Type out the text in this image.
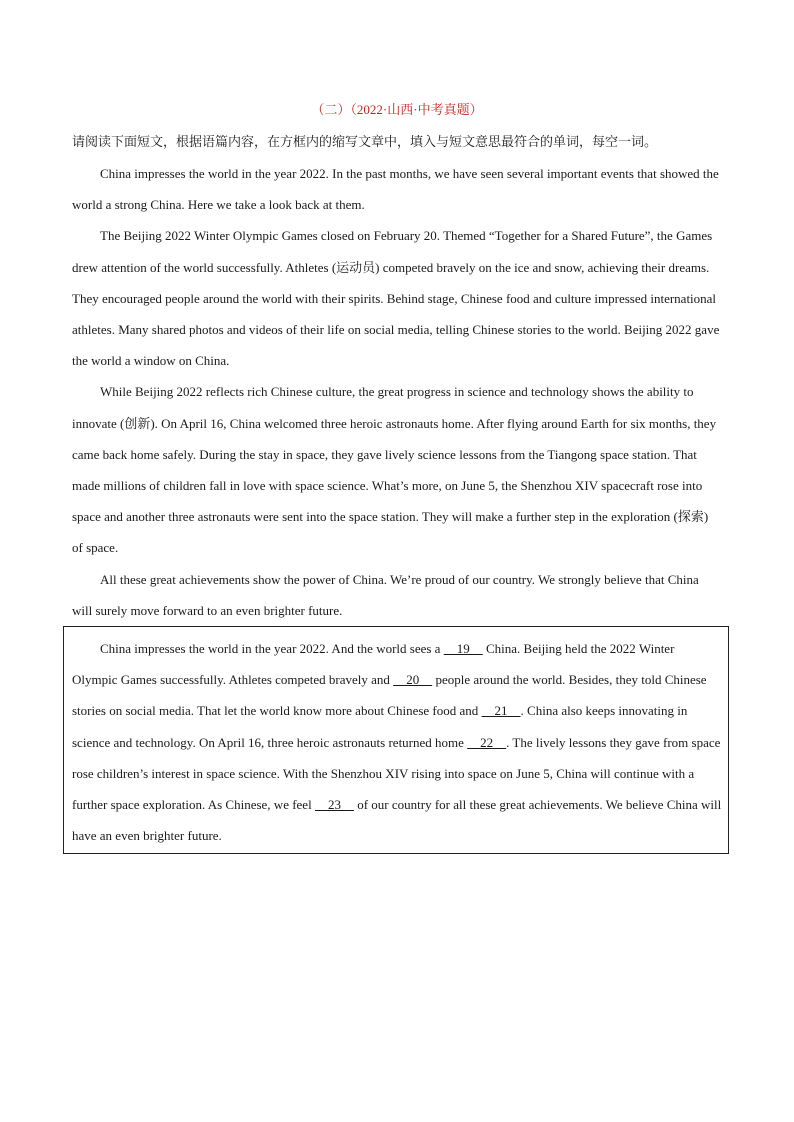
（二）（2022·山西·中考真题）
请阅读下面短文，根据语篇内容，在方框内的缩写文章中，填入与短文意思最符合的单词，每空一词。

China impresses the world in the year 2022. In the past months, we have seen several important events that showed the world a strong China. Here we take a look back at them.

The Beijing 2022 Winter Olympic Games closed on February 20. Themed “Together for a Shared Future”, the Games drew attention of the world successfully. Athletes (运动员) competed bravely on the ice and snow, achieving their dreams. They encouraged people around the world with their spirits. Behind stage, Chinese food and culture impressed international athletes. Many shared photos and videos of their life on social media, telling Chinese stories to the world. Beijing 2022 gave the world a window on China.

While Beijing 2022 reflects rich Chinese culture, the great progress in science and technology shows the ability to innovate (创新). On April 16, China welcomed three heroic astronauts home. After flying around Earth for six months, they came back home safely. During the stay in space, they gave lively science lessons from the Tiangong space station. That made millions of children fall in love with space science. What’s more, on June 5, the Shenzhou XIV spacecraft rose into space and another three astronauts were sent into the space station. They will make a further step in the exploration (探索) of space.

All these great achievements show the power of China. We’re proud of our country. We strongly believe that China will surely move forward to an even brighter future.

China impresses the world in the year 2022. And the world sees a     19     China. Beijing held the 2022 Winter Olympic Games successfully. Athletes competed bravely and     20     people around the world. Besides, they told Chinese stories on social media. That let the world know more about Chinese food and     21    . China also keeps innovating in science and technology. On April 16, three heroic astronauts returned home     22    . The lively lessons they gave from space rose children’s interest in space science. With the Shenzhou XIV rising into space on June 5, China will continue with a further space exploration. As Chinese, we feel     23     of our country for all these great achievements. We believe China will have an even brighter future.
